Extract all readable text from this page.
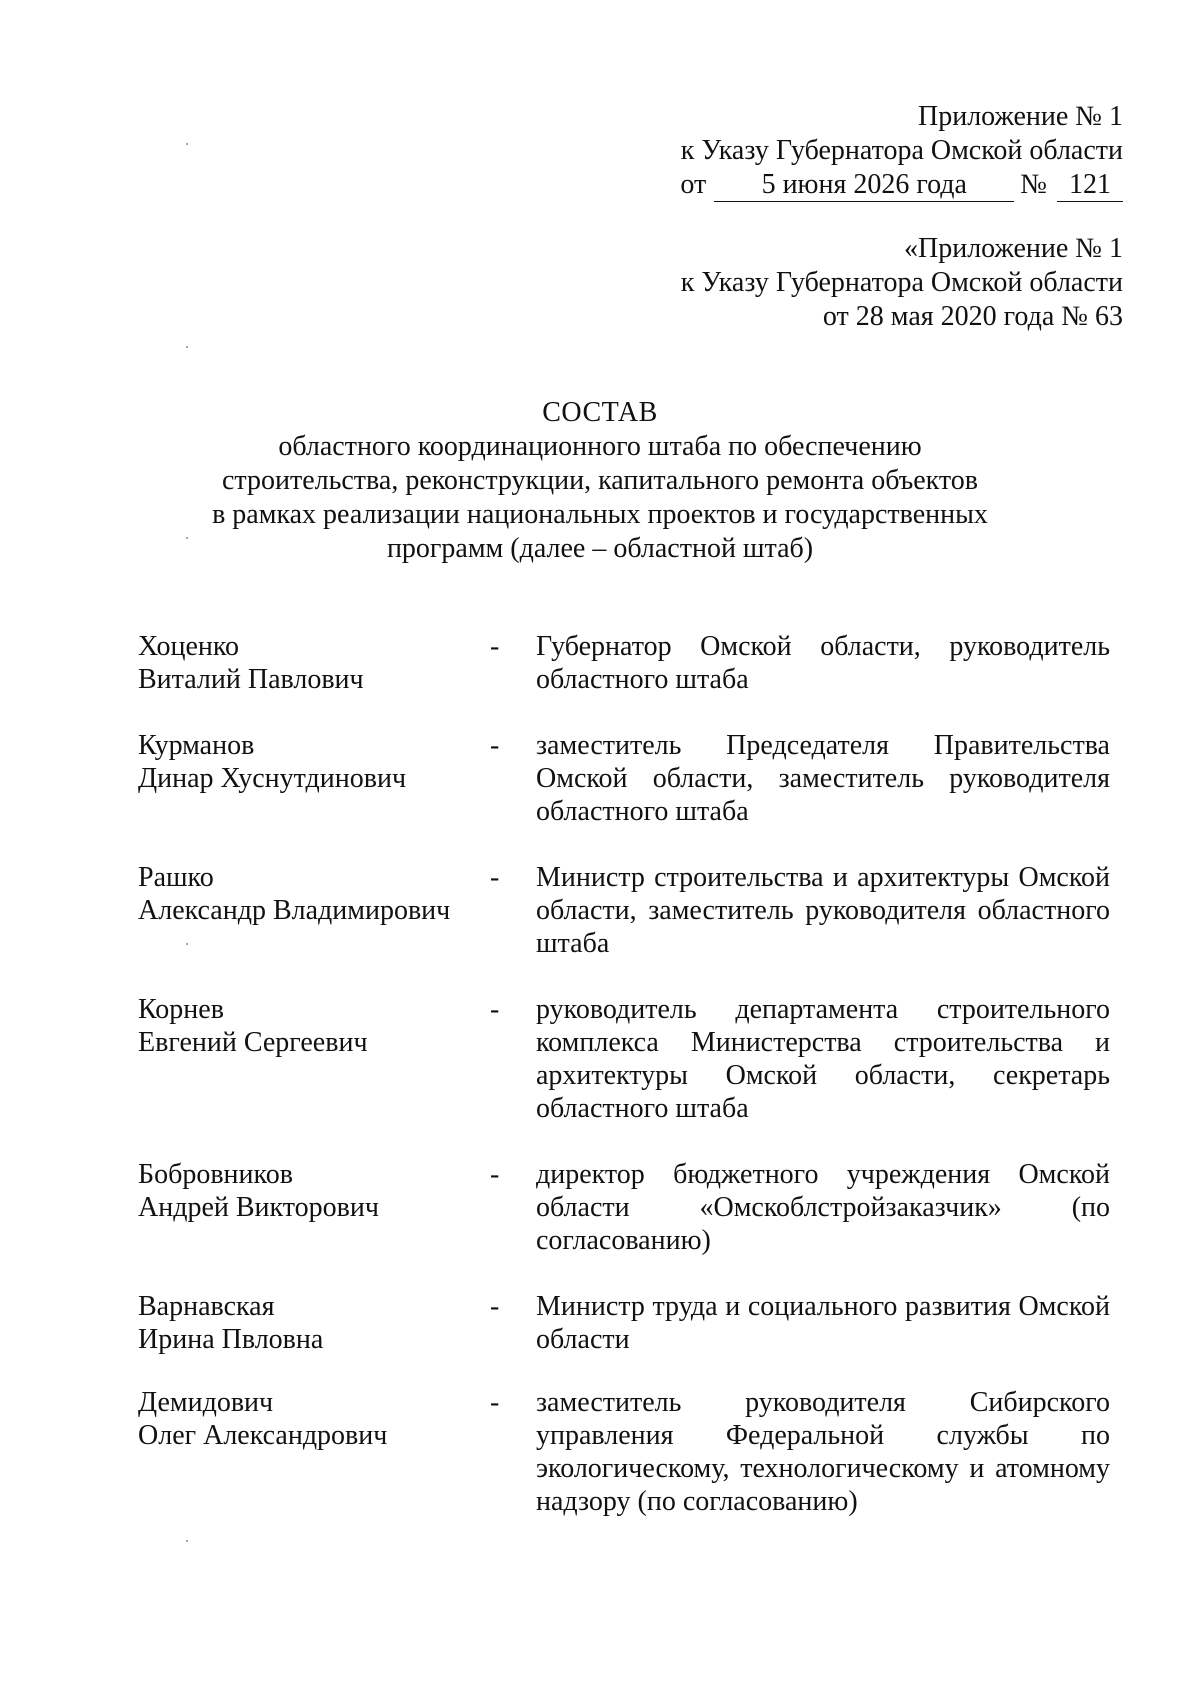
Приложение № 1
к Указу Губернатора Омской области
от	5 июня 2026 года	№ 121
«Приложение № 1
к Указу Губернатора Омской области
от 28 мая 2020 года № 63
СОСТАВ
областного координационного штаба по обеспечению
строительства, реконструкции, капитального ремонта объектов
в рамках реализации национальных проектов и государственных
программ (далее – областной штаб)
Хоценко
Виталий Павлович
-	Губернатор Омской области, руководитель областного штаба
Курманов
Динар Хуснутдинович
-	заместитель Председателя Правительства Омской области, заместитель руководителя областного штаба
Рашко
Александр Владимирович
-	Министр строительства и архитектуры Омской области, заместитель руководителя областного штаба
Корнев
Евгений Сергеевич
-	руководитель департамента строительного комплекса Министерства строительства и архитектуры Омской области, секретарь областного штаба
Бобровников
Андрей Викторович
-	директор бюджетного учреждения Омской области «Омскоблстройзаказчик» (по согласованию)
Варнавская
Ирина Пвловна
-	Министр труда и социального развития Омской области
Демидович
Олег Александрович
-	заместитель руководителя Сибирского управления Федеральной службы по экологическому, технологическому и атомному надзору (по согласованию)
